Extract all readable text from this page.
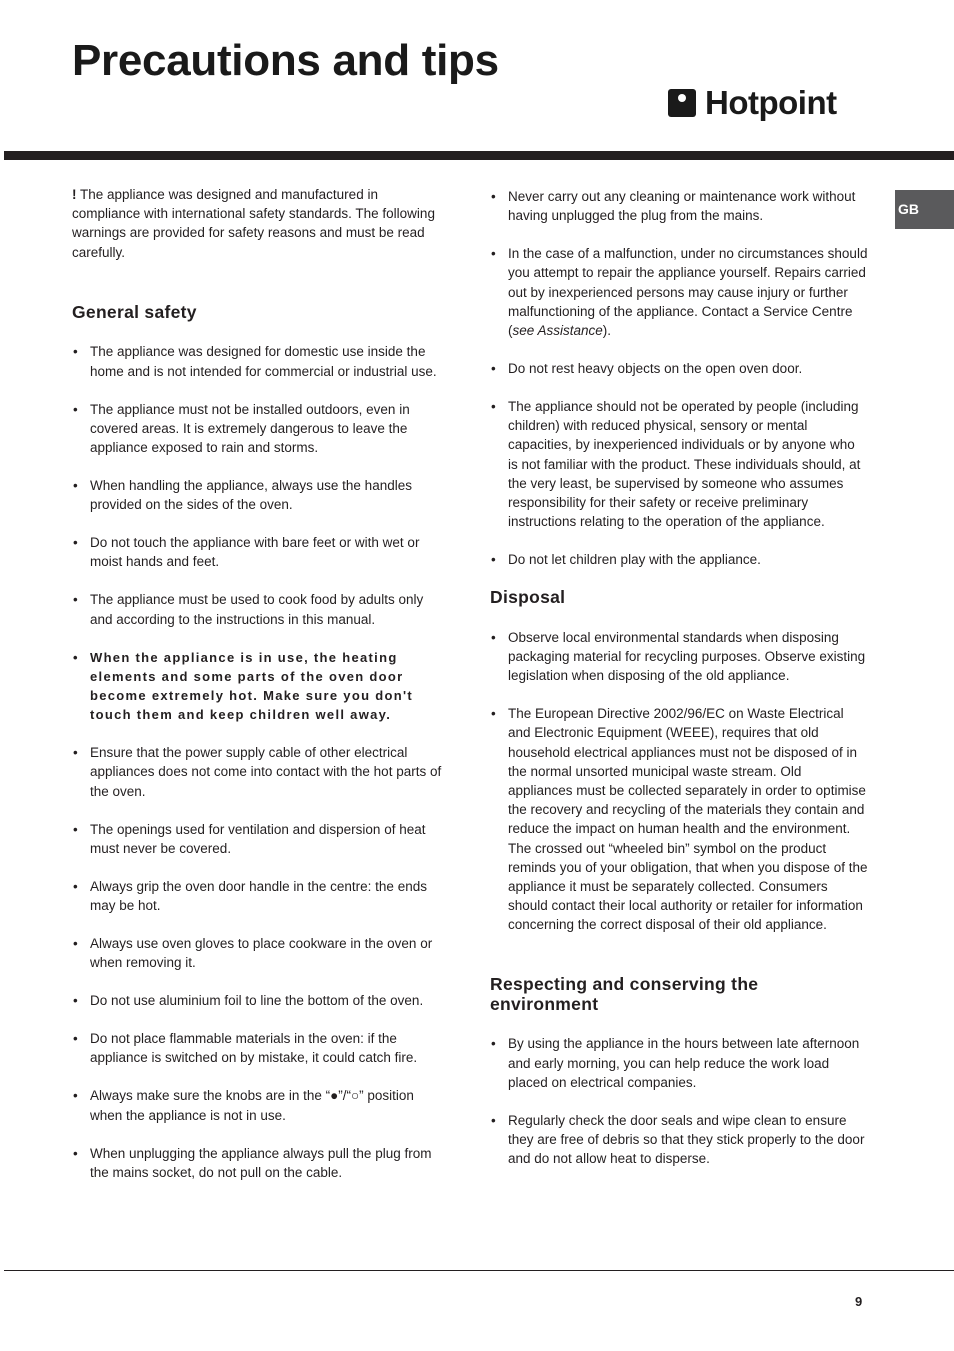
Precautions and tips
Hotpoint
GB

! The appliance was designed and manufactured in compliance with international safety standards. The following warnings are provided for safety reasons and must be read carefully.

General safety
• The appliance was designed for domestic use inside the home and is not intended for commercial or industrial use.
• The appliance must not be installed outdoors, even in covered areas. It is extremely dangerous to leave the appliance exposed to rain and storms.
• When handling the appliance, always use the handles provided on the sides of the oven.
• Do not touch the appliance with bare feet or with wet or moist hands and feet.
• The appliance must be used to cook food by adults only and according to the instructions in this manual.
• When the appliance is in use, the heating elements and some parts of the oven door become extremely hot. Make sure you don't touch them and keep children well away.
• Ensure that the power supply cable of other electrical appliances does not come into contact with the hot parts of the oven.
• The openings used for ventilation and dispersion of heat must never be covered.
• Always grip the oven door handle in the centre: the ends may be hot.
• Always use oven gloves to place cookware in the oven or when removing it.
• Do not use aluminium foil to line the bottom of the oven.
• Do not place flammable materials in the oven: if the appliance is switched on by mistake, it could catch fire.
• Always make sure the knobs are in the “●”/“○” position when the appliance is not in use.
• When unplugging the appliance always pull the plug from the mains socket, do not pull on the cable.
• Never carry out any cleaning or maintenance work without having unplugged the plug from the mains.
• In the case of a malfunction, under no circumstances should you attempt to repair the appliance yourself. Repairs carried out by inexperienced persons may cause injury or further malfunctioning of the appliance. Contact a Service Centre (see Assistance).
• Do not rest heavy objects on the open oven door.
• The appliance should not be operated by people (including children) with reduced physical, sensory or mental capacities, by inexperienced individuals or by anyone who is not familiar with the product. These individuals should, at the very least, be supervised by someone who assumes responsibility for their safety or receive preliminary instructions relating to the operation of the appliance.
• Do not let children play with the appliance.
Disposal
• Observe local environmental standards when disposing packaging material for recycling purposes. Observe existing legislation when disposing of the old appliance.
• The European Directive 2002/96/EC on Waste Electrical and Electronic Equipment (WEEE), requires that old household electrical appliances must not be disposed of in the normal unsorted municipal waste stream. Old appliances must be collected separately in order to optimise the recovery and recycling of the materials they contain and reduce the impact on human health and the environment. The crossed out “wheeled bin” symbol on the product reminds you of your obligation, that when you dispose of the appliance it must be separately collected. Consumers should contact their local authority or retailer for information concerning the correct disposal of their old appliance.
Respecting and conserving the environment
• By using the appliance in the hours between late afternoon and early morning, you can help reduce the work load placed on electrical companies.
• Regularly check the door seals and wipe clean to ensure they are free of debris so that they stick properly to the door and do not allow heat to disperse.
9
